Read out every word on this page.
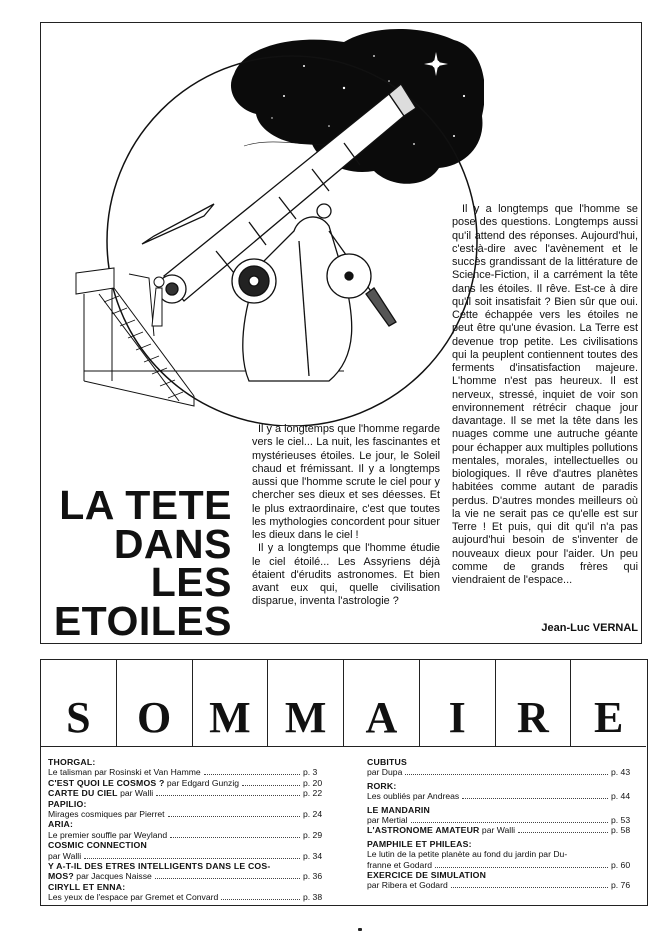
Il y a longtemps que l'homme se pose des questions. Longtemps aussi qu'il attend des réponses. Aujourd'hui, c'est-à-dire avec l'avènement et le succès grandissant de la littérature de Science-Fiction, il a carrément la tête dans les étoiles. Il rêve. Est-ce à dire qu'il soit insatisfait ? Bien sûr que oui. Cette échappée vers les étoiles ne peut être qu'une évasion. La Terre est devenue trop petite. Les civilisations qui la peuplent contiennent toutes des ferments d'insatisfaction majeure. L'homme n'est pas heureux. Il est nerveux, stressé, inquiet de voir son environnement rétrécir chaque jour davantage. Il se met la tête dans les nuages comme une autruche géante pour échapper aux multiples pollutions mentales, morales, intellectuelles ou biologiques. Il rêve d'autres planètes habitées comme autant de paradis perdus. D'autres mondes meilleurs où la vie ne serait pas ce qu'elle est sur Terre ! Et puis, qui dit qu'il n'a pas aujourd'hui besoin de s'inventer de nouveaux dieux pour l'aider. Un peu comme de grands frères qui viendraient de l'espace...

Jean-Luc VERNAL

Il y a longtemps que l'homme regarde vers le ciel... La nuit, les fascinantes et mystérieuses étoiles. Le jour, le Soleil chaud et frémissant. Il y a longtemps aussi que l'homme scrute le ciel pour y chercher ses dieux et ses déesses. Et le plus extraordinaire, c'est que toutes les mythologies concordent pour situer les dieux dans le ciel !

Il y a longtemps que l'homme étudie le ciel étoilé... Les Assyriens déjà étaient d'érudits astronomes. Et bien avant eux qui, quelle civilisation disparue, inventa l'astrologie ?

LA TETE
DANS
LES
ETOILES
S	O M M A	I	R	E
THORGAL:
Le talisman par Rosinski et Van Hamme	p. 3
C'EST QUOI LE COSMOS ? par Edgard Gunzig	p. 20
CARTE DU CIEL par Walli	p. 22
PAPILIO:
Mirages cosmiques par Pierret	p. 24
ARIA:
Le premier souffle par Weyland	p. 29
COSMIC CONNECTION
par Walli	p. 34
Y A-T-IL DES ETRES INTELLIGENTS DANS LE COS-
MOS? par Jacques Naisse	p. 36
CIRYLL ET ENNA:
Les yeux de l'espace par Gremet et Convard	p. 38
CUBITUS
par Dupa	p. 43
RORK:
Les oubliés par Andreas	p. 44
LE MANDARIN
par Mertial	p. 53
L'ASTRONOME AMATEUR par Walli	p. 58
PAMPHILE ET PHILEAS:
Le lutin de la petite planète au fond du jardin par Du-
franne et Godard	p. 60
EXERCICE DE SIMULATION
par Ribera et Godard	p. 76
